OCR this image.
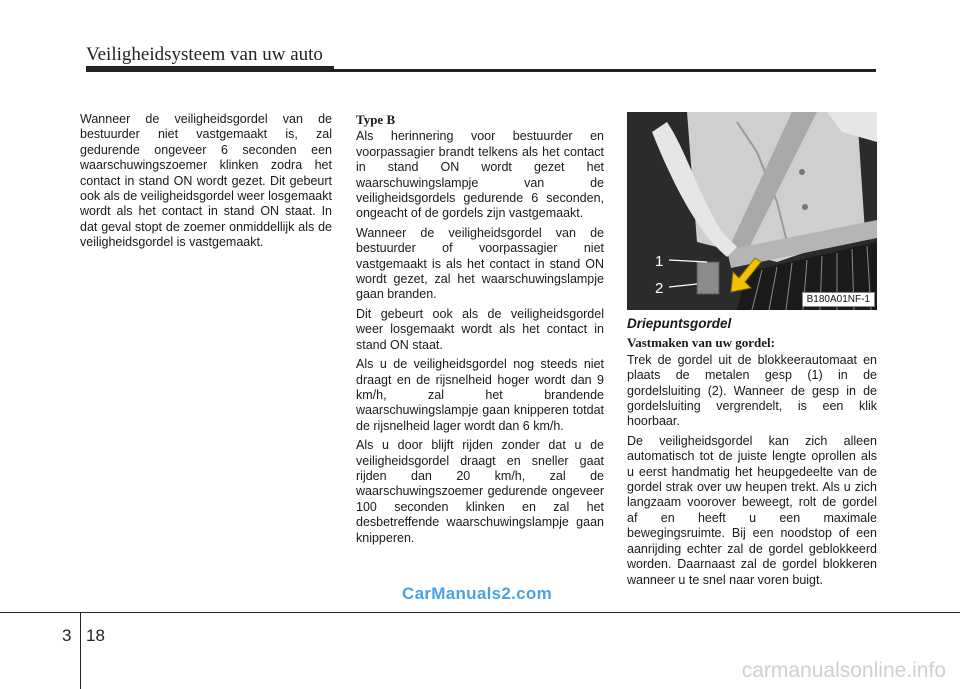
Veiligheidsysteem van uw auto

Wanneer de veiligheidsgordel van de bestuurder niet vastgemaakt is, zal gedurende ongeveer 6 seconden een waarschuwingszoemer klinken zodra het contact in stand ON wordt gezet. Dit gebeurt ook als de veiligheidsgordel weer losgemaakt wordt als het contact in stand ON staat. In dat geval stopt de zoemer onmiddellijk als de veiligheidsgordel is vastgemaakt.

Type B

Als herinnering voor bestuurder en voorpassagier brandt telkens als het contact in stand ON wordt gezet het waarschuwingslampje van de veiligheidsgordels gedurende 6 seconden, ongeacht of de gordels zijn vastgemaakt.

Wanneer de veiligheidsgordel van de bestuurder of voorpassagier niet vastgemaakt is als het contact in stand ON wordt gezet, zal het waarschuwingslampje gaan branden.

Dit gebeurt ook als de veiligheidsgordel weer losgemaakt wordt als het contact in stand ON staat.

Als u de veiligheidsgordel nog steeds niet draagt en de rijsnelheid hoger wordt dan 9 km/h, zal het brandende waarschuwingslampje gaan knipperen totdat de rijsnelheid lager wordt dan 6 km/h.

Als u door blijft rijden zonder dat u de veiligheidsgordel draagt en sneller gaat rijden dan 20 km/h, zal de waarschuwingszoemer gedurende ongeveer 100 seconden klinken en zal het desbetreffende waarschuwingslampje gaan knipperen.

1
2
B180A01NF-1
Driepuntsgordel
Vastmaken van uw gordel:

Trek de gordel uit de blokkeerautomaat en plaats de metalen gesp (1) in de gordelsluiting (2). Wanneer de gesp in de gordelsluiting vergrendelt, is een klik hoorbaar.

De veiligheidsgordel kan zich alleen automatisch tot de juiste lengte oprollen als u eerst handmatig het heupgedeelte van de gordel strak over uw heupen trekt. Als u zich langzaam voorover beweegt, rolt de gordel af en heeft u een maximale bewegingsruimte. Bij een noodstop of een aanrijding echter zal de gordel geblokkeerd worden. Daarnaast zal de gordel blokkeren wanneer u te snel naar voren buigt.

CarManuals2.com
3 18
carmanualsonline.info
